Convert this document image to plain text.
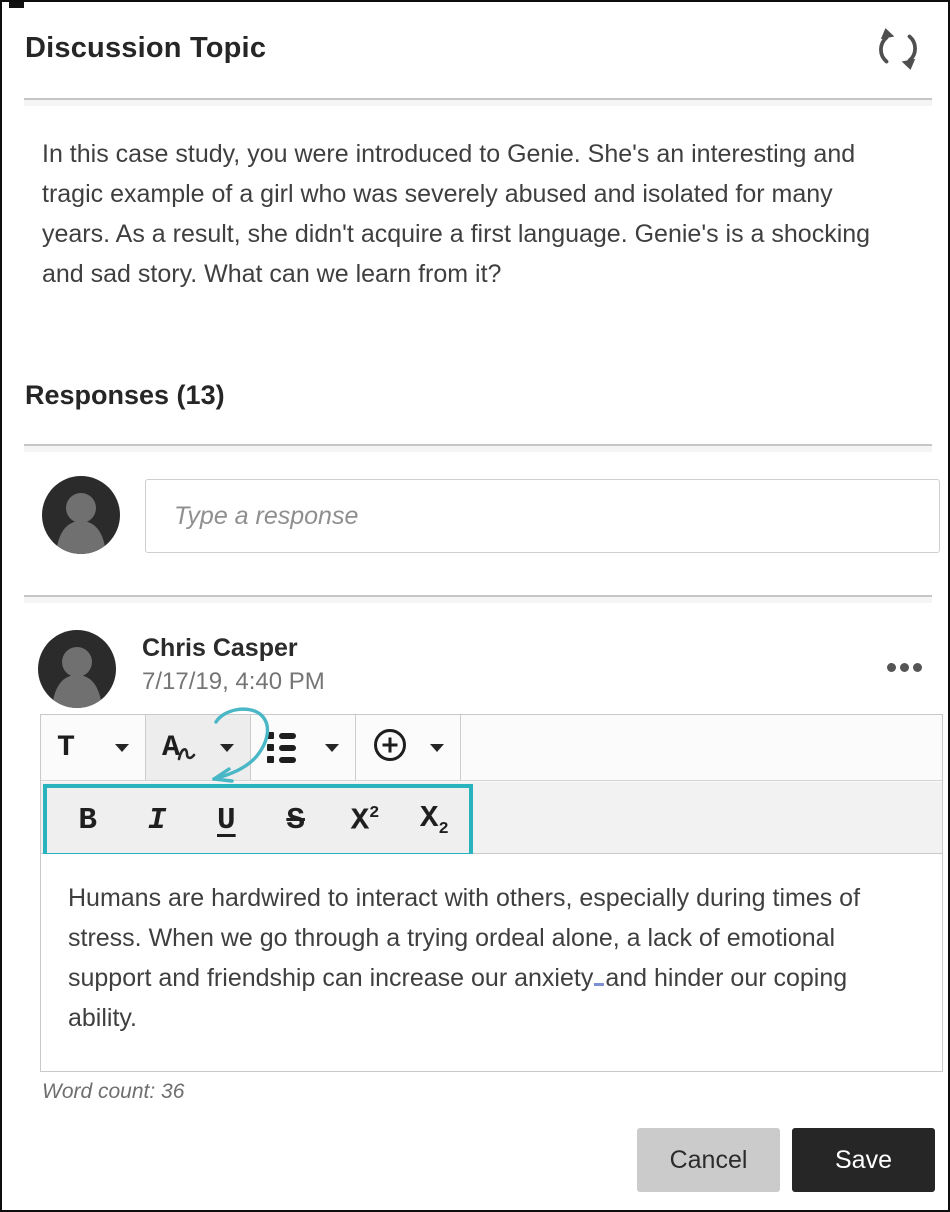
Discussion Topic

In this case study, you were introduced to Genie. She's an interesting and tragic example of a girl who was severely abused and isolated for many years. As a result, she didn't acquire a first language. Genie's is a shocking and sad story. What can we learn from it?

Responses (13)
Type a response
Chris Casper
7/17/19, 4:40 PM
T	A
B	I	U	S	$X^2$	$X_2$
Humans are hardwired to interact with others, especially during times of stress. When we go through a trying ordeal alone, a lack of emotional support and friendship can increase our anxiety and hinder our coping ability.
Word count: 36
Cancel	Save
